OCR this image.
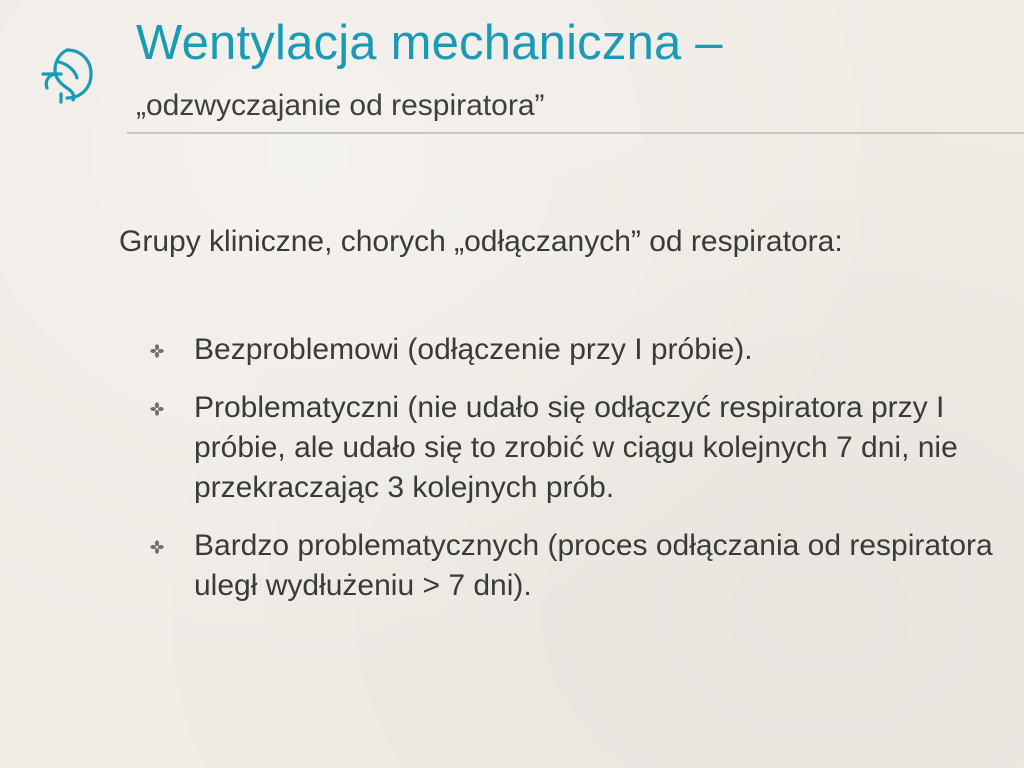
Wentylacja mechaniczna –
„odzwyczajanie od respiratora”

Grupy kliniczne, chorych „odłączanych” od respiratora:

Bezproblemowi (odłączenie przy I próbie).
Problematyczni (nie udało się odłączyć respiratora przy I próbie, ale udało się to zrobić w ciągu kolejnych 7 dni, nie przekraczając 3 kolejnych prób.
Bardzo problematycznych (proces odłączania od respiratora uległ wydłużeniu > 7 dni).
